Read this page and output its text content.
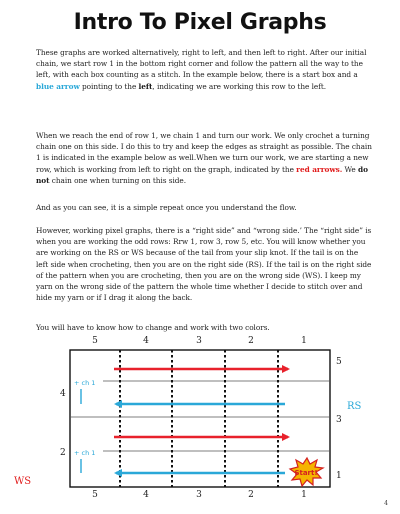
Intro To Pixel Graphs

These graphs are worked alternatively, right to left, and then left to right. After our initial chain, we start row 1 in the bottom right corner and follow the pattern all the way to the left, with each box counting as a stitch. In the example below, there is a start box and a blue arrow pointing to the left, indicating we are working this row to the left.

When we reach the end of row 1, we chain 1 and turn our work. We only crochet a turning chain one on this side. I do this to try and keep the edges as straight as possible. The chain 1 is indicated in the example below as well.When we turn our work, we are starting a new row, which is working from left to right on the graph, indicated by the red arrows. We do not chain one when turning on this side.

And as you can see, it is a simple repeat once you understand the flow.

However, working pixel graphs, there is a “right side” and “wrong side.’ The “right side” is when you are working the odd rows: Rrw 1, row 3, row 5, etc. You will know whether you are working on the RS or WS because of the tail from your slip knot. If the tail is on the left side when crocheting, then you are on the right side (RS). If the tail is on the right side of the pattern when you are crocheting, then you are on the wrong side (WS). I keep my yarn on the wrong side of the pattern the whole time whether I decide to stitch over and hide my yarn or if I drag it along the back.

You will have to know how to change and work with two colors.

5	4	3	2	1
5	4	3	2	1
5
3
1
4
2
RS
WS
+ ch 1
+ ch 1
Start!
4
